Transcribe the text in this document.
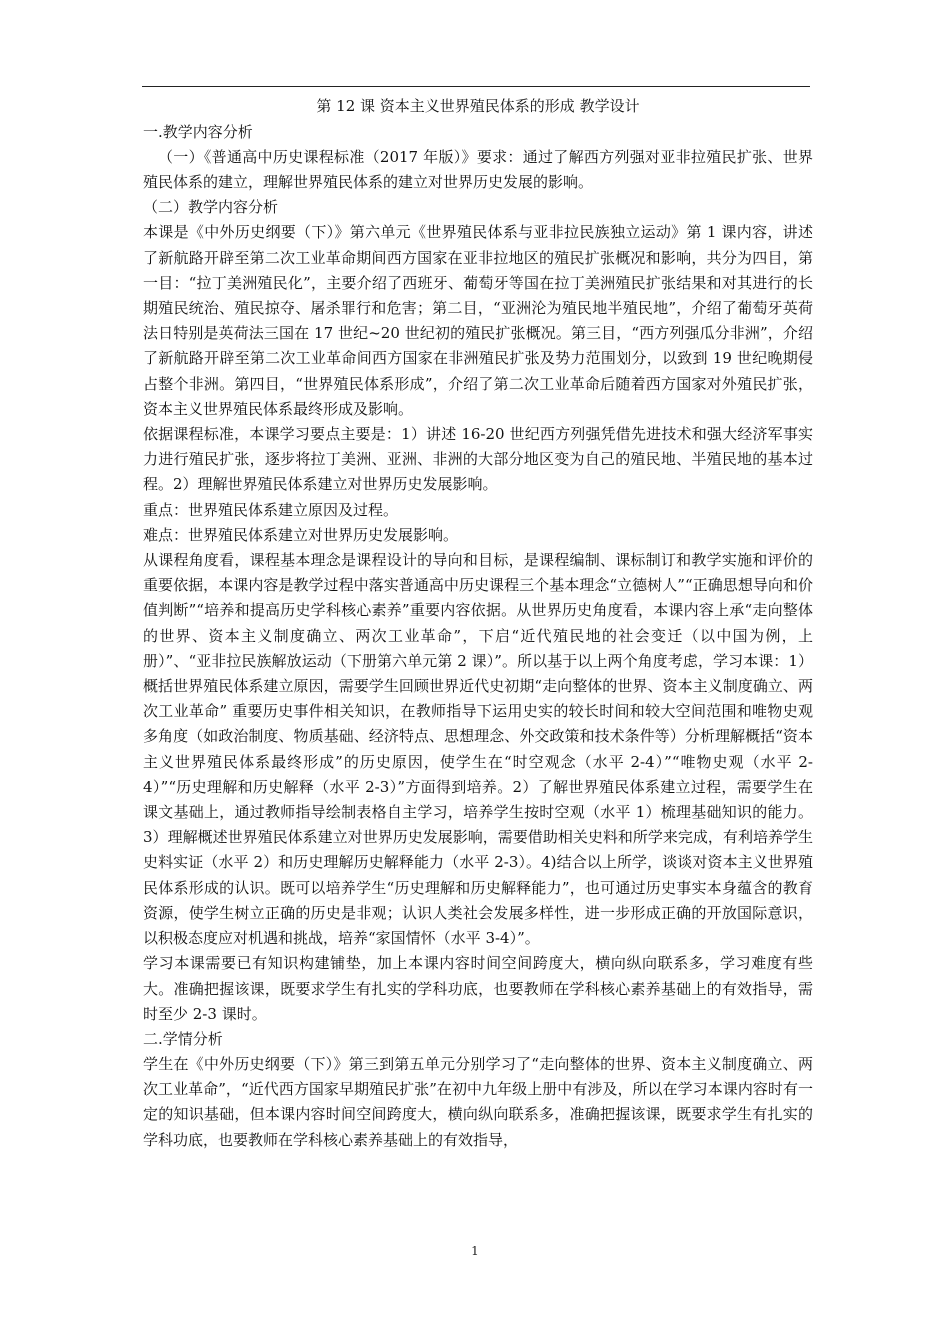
第 12 课 资本主义世界殖民体系的形成 教学设计

一.教学内容分析

（一）《普通高中历史课程标准（2017 年版）》要求：通过了解西方列强对亚非拉殖民扩张、世界殖民体系的建立，理解世界殖民体系的建立对世界历史发展的影响。

（二）教学内容分析

本课是《中外历史纲要（下）》第六单元《世界殖民体系与亚非拉民族独立运动》第 1 课内容，讲述了新航路开辟至第二次工业革命期间西方国家在亚非拉地区的殖民扩张概况和影响，共分为四目，第一目：“拉丁美洲殖民化”，主要介绍了西班牙、葡萄牙等国在拉丁美洲殖民扩张结果和对其进行的长期殖民统治、殖民掠夺、屠杀罪行和危害；第二目，“亚洲沦为殖民地半殖民地”，介绍了葡萄牙英荷法日特别是英荷法三国在 17 世纪~20 世纪初的殖民扩张概况。第三目，“西方列强瓜分非洲”，介绍了新航路开辟至第二次工业革命间西方国家在非洲殖民扩张及势力范围划分，以致到 19 世纪晚期侵占整个非洲。第四目，“世界殖民体系形成”，介绍了第二次工业革命后随着西方国家对外殖民扩张，资本主义世界殖民体系最终形成及影响。

依据课程标准，本课学习要点主要是：1）讲述 16-20 世纪西方列强凭借先进技术和强大经济军事实力进行殖民扩张，逐步将拉丁美洲、亚洲、非洲的大部分地区变为自己的殖民地、半殖民地的基本过程。2）理解世界殖民体系建立对世界历史发展影响。

重点：世界殖民体系建立原因及过程。

难点：世界殖民体系建立对世界历史发展影响。

从课程角度看，课程基本理念是课程设计的导向和目标，是课程编制、课标制订和教学实施和评价的重要依据，本课内容是教学过程中落实普通高中历史课程三个基本理念“立德树人”“正确思想导向和价值判断”“培养和提高历史学科核心素养”重要内容依据。从世界历史角度看，本课内容上承“走向整体的世界、资本主义制度确立、两次工业革命”，下启“近代殖民地的社会变迁（以中国为例，上册）”、“亚非拉民族解放运动（下册第六单元第 2 课）”。所以基于以上两个角度考虑，学习本课：1）概括世界殖民体系建立原因，需要学生回顾世界近代史初期“走向整体的世界、资本主义制度确立、两次工业革命” 重要历史事件相关知识，在教师指导下运用史实的较长时间和较大空间范围和唯物史观多角度（如政治制度、物质基础、经济特点、思想理念、外交政策和技术条件等）分析理解概括“资本主义世界殖民体系最终形成”的历史原因，使学生在“时空观念（水平 2-4）”“唯物史观（水平 2-4）”“历史理解和历史解释（水平 2-3）”方面得到培养。2）了解世界殖民体系建立过程，需要学生在课文基础上，通过教师指导绘制表格自主学习，培养学生按时空观（水平 1）梳理基础知识的能力。3）理解概述世界殖民体系建立对世界历史发展影响，需要借助相关史料和所学来完成，有利培养学生史料实证（水平 2）和历史理解历史解释能力（水平 2-3）。4)结合以上所学，谈谈对资本主义世界殖民体系形成的认识。既可以培养学生“历史理解和历史解释能力”，也可通过历史事实本身蕴含的教育资源，使学生树立正确的历史是非观；认识人类社会发展多样性，进一步形成正确的开放国际意识，以积极态度应对机遇和挑战，培养“家国情怀（水平 3-4）”。

学习本课需要已有知识构建铺垫，加上本课内容时间空间跨度大，横向纵向联系多，学习难度有些大。准确把握该课，既要求学生有扎实的学科功底，也要教师在学科核心素养基础上的有效指导，需时至少 2-3 课时。

二.学情分析

学生在《中外历史纲要（下）》第三到第五单元分别学习了“走向整体的世界、资本主义制度确立、两次工业革命”，“近代西方国家早期殖民扩张”在初中九年级上册中有涉及，所以在学习本课内容时有一定的知识基础，但本课内容时间空间跨度大，横向纵向联系多，准确把握该课，既要求学生有扎实的学科功底，也要教师在学科核心素养基础上的有效指导，

1
